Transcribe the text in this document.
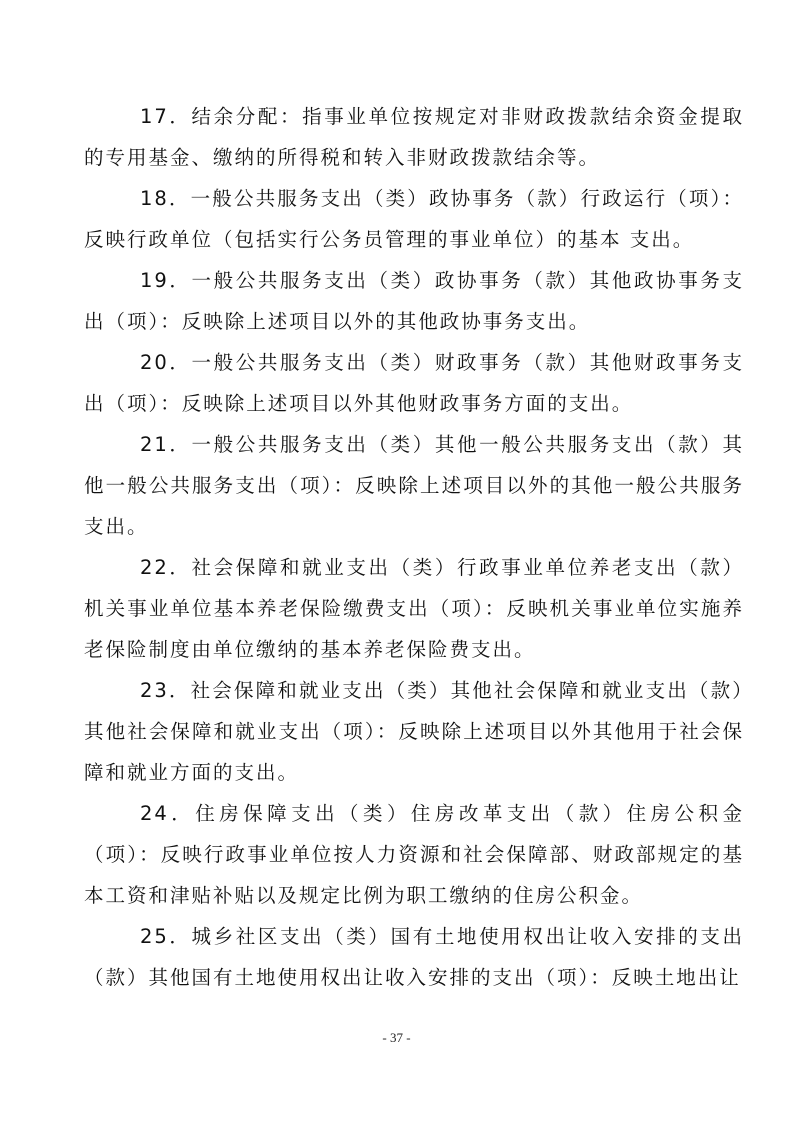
17．结余分配：指事业单位按规定对非财政拨款结余资金提取的专用基金、缴纳的所得税和转入非财政拨款结余等。

18．一般公共服务支出（类）政协事务（款）行政运行（项）：反映行政单位（包括实行公务员管理的事业单位）的基本 支出。

19．一般公共服务支出（类）政协事务（款）其他政协事务支出（项）：反映除上述项目以外的其他政协事务支出。

20．一般公共服务支出（类）财政事务（款）其他财政事务支出（项）：反映除上述项目以外其他财政事务方面的支出。

21．一般公共服务支出（类）其他一般公共服务支出（款）其他一般公共服务支出（项）：反映除上述项目以外的其他一般公共服务支出。

22．社会保障和就业支出（类）行政事业单位养老支出（款）机关事业单位基本养老保险缴费支出（项）：反映机关事业单位实施养老保险制度由单位缴纳的基本养老保险费支出。

23．社会保障和就业支出（类）其他社会保障和就业支出（款）其他社会保障和就业支出（项）：反映除上述项目以外其他用于社会保障和就业方面的支出。

24．住房保障支出（类）住房改革支出（款）住房公积金（项）：反映行政事业单位按人力资源和社会保障部、财政部规定的基本工资和津贴补贴以及规定比例为职工缴纳的住房公积金。

25．城乡社区支出（类）国有土地使用权出让收入安排的支出（款）其他国有土地使用权出让收入安排的支出（项）：反映土地出让

- 37 -
